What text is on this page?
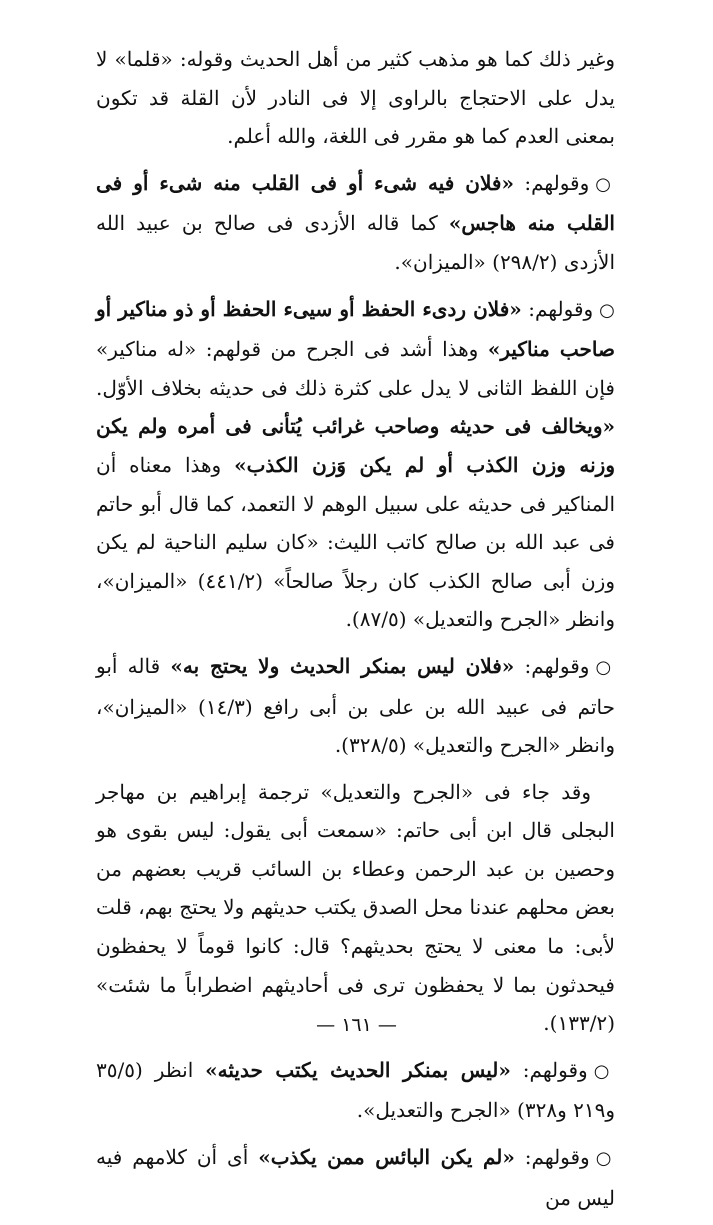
وغير ذلك كما هو مذهب كثير من أهل الحديث وقوله: «قلما» لا يدل على الاحتجاج بالراوى إلا فى النادر لأن القلة قد تكون بمعنى العدم كما هو مقرر فى اللغة، والله أعلم.

○وقولهم: «فلان فيه شىء أو فى القلب منه شىء أو فى القلب منه هاجس» كما قاله الأزدى فى صالح بن عبيد الله الأزدى (٢٩٨/٢) «الميزان».

○وقولهم: «فلان ردىء الحفظ أو سيىء الحفظ أو ذو مناكير أو صاحب مناكير» وهذا أشد فى الجرح من قولهم: «له مناكير» فإن اللفظ الثانى لا يدل على كثرة ذلك فى حديثه بخلاف الأوّل. «ويخالف فى حديثه وصاحب غرائب يُتأنى فى أمره ولم يكن وزنه وزن الكذب أو لم يكن وَزن الكذب» وهذا معناه أن المناكير فى حديثه على سبيل الوهم لا التعمد، كما قال أبو حاتم فى عبد الله بن صالح كاتب الليث: «كان سليم الناحية لم يكن وزن أبى صالح الكذب كان رجلاً صالحاً» (٤٤١/٢) «الميزان»، وانظر «الجرح والتعديل» (٨٧/٥).

○وقولهم: «فلان ليس بمنكر الحديث ولا يحتج به» قاله أبو حاتم فى عبيد الله بن على بن أبى رافع (١٤/٣) «الميزان»، وانظر «الجرح والتعديل» (٣٢٨/٥).

وقد جاء فى «الجرح والتعديل» ترجمة إبراهيم بن مهاجر البجلى قال ابن أبى حاتم: «سمعت أبى يقول: ليس بقوى هو وحصين بن عبد الرحمن وعطاء بن السائب قريب بعضهم من بعض محلهم عندنا محل الصدق يكتب حديثهم ولا يحتج بهم، قلت لأبى: ما معنى لا يحتج بحديثهم؟ قال: كانوا قوماً لا يحفظون فيحدثون بما لا يحفظون ترى فى أحاديثهم اضطراباً ما شئت» (١٣٣/٢).

○وقولهم: «ليس بمنكر الحديث يكتب حديثه» انظر (٣٥/٥ و٢١٩ و٣٢٨) «الجرح والتعديل».

○وقولهم: «لم يكن البائس ممن يكذب» أى أن كلامهم فيه ليس من

— ١٦١ —
